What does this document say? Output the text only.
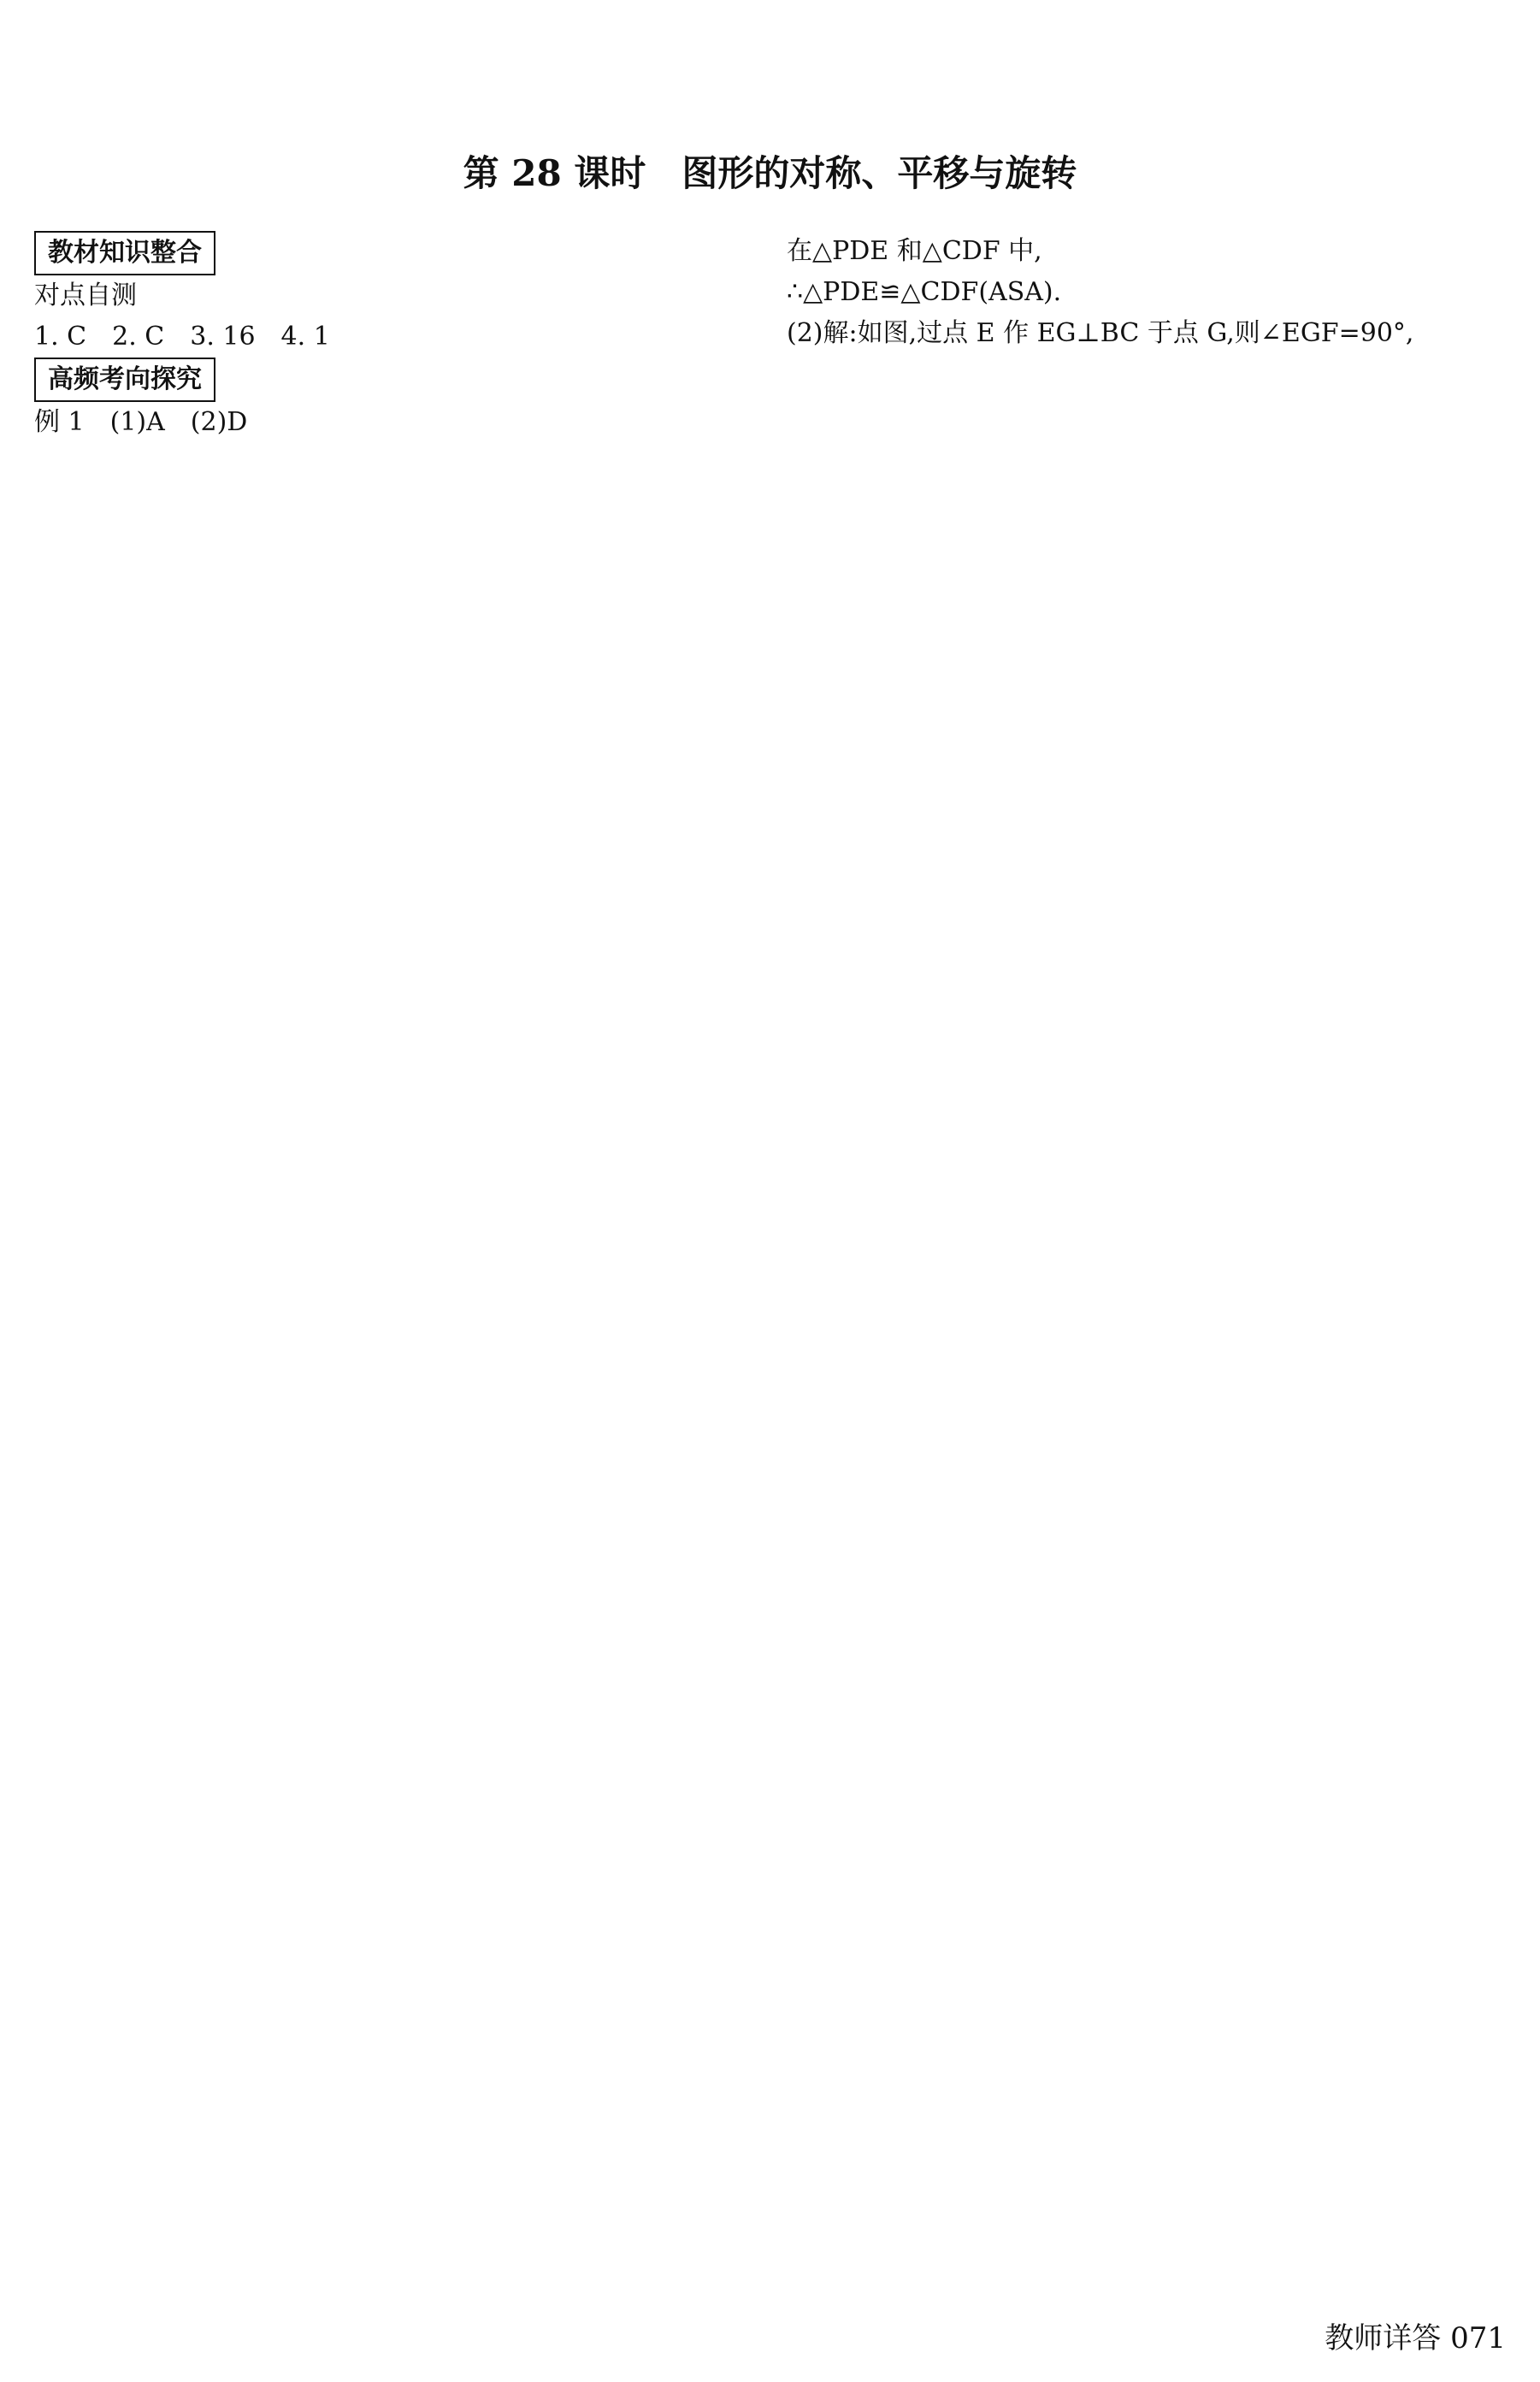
第 28 课时　图形的对称、平移与旋转
教材知识整合
对点自测
1. C　2. C　3. 16　4. 1
高频考向探究
例 1　(1)A　(2)D
在△PDE 和△CDF 中,
∴△PDE≌△CDF(ASA).
(2)解:如图,过点 E 作 EG⊥BC 于点 G,则∠EGF=90°,
教师详答 071
